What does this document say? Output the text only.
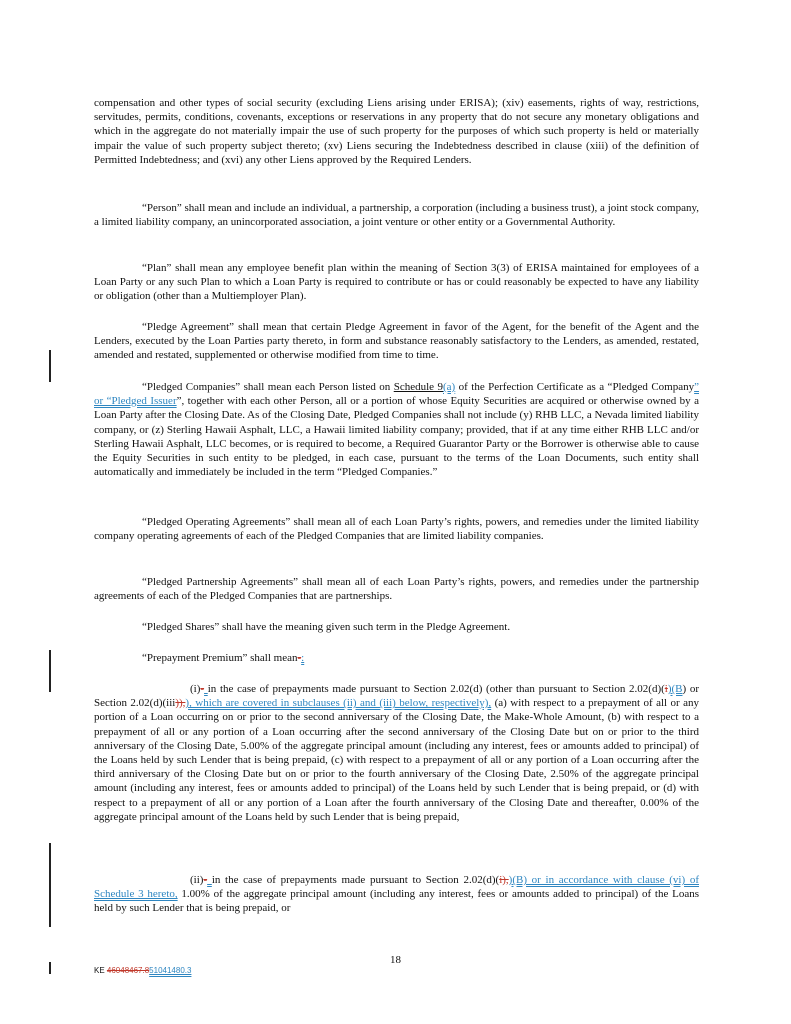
compensation and other types of social security (excluding Liens arising under ERISA); (xiv) easements, rights of way, restrictions, servitudes, permits, conditions, covenants, exceptions or reservations in any property that do not secure any monetary obligations and which in the aggregate do not materially impair the use of such property for the purposes of which such property is held or materially impair the value of such property subject thereto; (xv) Liens securing the Indebtedness described in clause (xiii) of the definition of Permitted Indebtedness; and (xvi) any other Liens approved by the Required Lenders.

“Person” shall mean and include an individual, a partnership, a corporation (including a business trust), a joint stock company, a limited liability company, an unincorporated association, a joint venture or other entity or a Governmental Authority.

“Plan” shall mean any employee benefit plan within the meaning of Section 3(3) of ERISA maintained for employees of a Loan Party or any such Plan to which a Loan Party is required to contribute or has or could reasonably be expected to have any liability or obligation (other than a Multiemployer Plan).

“Pledge Agreement” shall mean that certain Pledge Agreement in favor of the Agent, for the benefit of the Agent and the Lenders, executed by the Loan Parties party thereto, in form and substance reasonably satisfactory to the Lenders, as amended, restated, amended and restated, supplemented or otherwise modified from time to time.

“Pledged Companies” shall mean each Person listed on Schedule 9(a) of the Perfection Certificate as a “Pledged Company” or “Pledged Issuer”, together with each other Person, all or a portion of whose Equity Securities are acquired or otherwise owned by a Loan Party after the Closing Date. As of the Closing Date, Pledged Companies shall not include (y) RHB LLC, a Nevada limited liability company, or (z) Sterling Hawaii Asphalt, LLC, a Hawaii limited liability company; provided, that if at any time either RHB LLC and/or Sterling Hawaii Asphalt, LLC becomes, or is required to become, a Required Guarantor Party or the Borrower is otherwise able to cause the Equity Securities in such entity to be pledged, in each case, pursuant to the terms of the Loan Documents, such entity shall automatically and immediately be included in the term “Pledged Companies.”

“Pledged Operating Agreements” shall mean all of each Loan Party’s rights, powers, and remedies under the limited liability company operating agreements of each of the Pledged Companies that are limited liability companies.

“Pledged Partnership Agreements” shall mean all of each Loan Party’s rights, powers, and remedies under the partnership agreements of each of the Pledged Companies that are partnerships.

“Pledged Shares” shall have the meaning given such term in the Pledge Agreement.

“Prepayment Premium” shall mean-:

(i)- in the case of prepayments made pursuant to Section 2.02(d) (other than pursuant to Section 2.02(d)(i)(B) or Section 2.02(d)(iii)),), which are covered in subclauses (ii) and (iii) below, respectively), (a) with respect to a prepayment of all or any portion of a Loan occurring on or prior to the second anniversary of the Closing Date, the Make-Whole Amount, (b) with respect to a prepayment of all or any portion of a Loan occurring after the second anniversary of the Closing Date but on or prior to the third anniversary of the Closing Date, 5.00% of the aggregate principal amount (including any interest, fees or amounts added to principal) of the Loans held by such Lender that is being prepaid, (c) with respect to a prepayment of all or any portion of a Loan occurring after the third anniversary of the Closing Date but on or prior to the fourth anniversary of the Closing Date, 2.50% of the aggregate principal amount (including any interest, fees or amounts added to principal) of the Loans held by such Lender that is being prepaid, or (d) with respect to a prepayment of all or any portion of a Loan after the fourth anniversary of the Closing Date and thereafter, 0.00% of the aggregate principal amount of the Loans held by such Lender that is being prepaid,

(ii)- in the case of prepayments made pursuant to Section 2.02(d)(i),)(B) or in accordance with clause (vi) of Schedule 3 hereto, 1.00% of the aggregate principal amount (including any interest, fees or amounts added to principal) of the Loans held by such Lender that is being prepaid, or

18
KE 46048467.851041480.3
